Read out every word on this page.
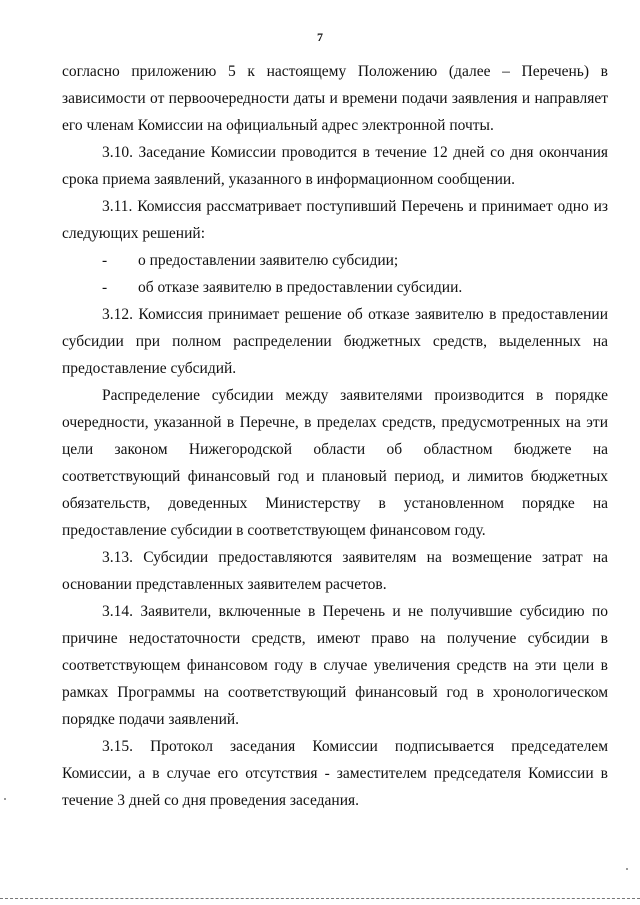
7

согласно приложению 5 к настоящему Положению (далее – Перечень) в зависимости от первоочередности даты и времени подачи заявления и направляет его членам Комиссии на официальный адрес электронной почты.

3.10. Заседание Комиссии проводится в течение 12 дней со дня окончания срока приема заявлений, указанного в информационном сообщении.

3.11. Комиссия рассматривает поступивший Перечень и принимает одно из следующих решений:

-	о предоставлении заявителю субсидии;
-	об отказе заявителю в предоставлении субсидии.

3.12. Комиссия принимает решение об отказе заявителю в предоставлении субсидии при полном распределении бюджетных средств, выделенных на предоставление субсидий.

Распределение субсидии между заявителями производится в порядке очередности, указанной в Перечне, в пределах средств, предусмотренных на эти цели законом Нижегородской области об областном бюджете на соответствующий финансовый год и плановый период, и лимитов бюджетных обязательств, доведенных Министерству в установленном порядке на предоставление субсидии в соответствующем финансовом году.

3.13. Субсидии предоставляются заявителям на возмещение затрат на основании представленных заявителем расчетов.

3.14. Заявители, включенные в Перечень и не получившие субсидию по причине недостаточности средств, имеют право на получение субсидии в соответствующем финансовом году в случае увеличения средств на эти цели в рамках Программы на соответствующий финансовый год в хронологическом порядке подачи заявлений.

3.15. Протокол заседания Комиссии подписывается председателем Комиссии, а в случае его отсутствия - заместителем председателя Комиссии в течение 3 дней со дня проведения заседания.
